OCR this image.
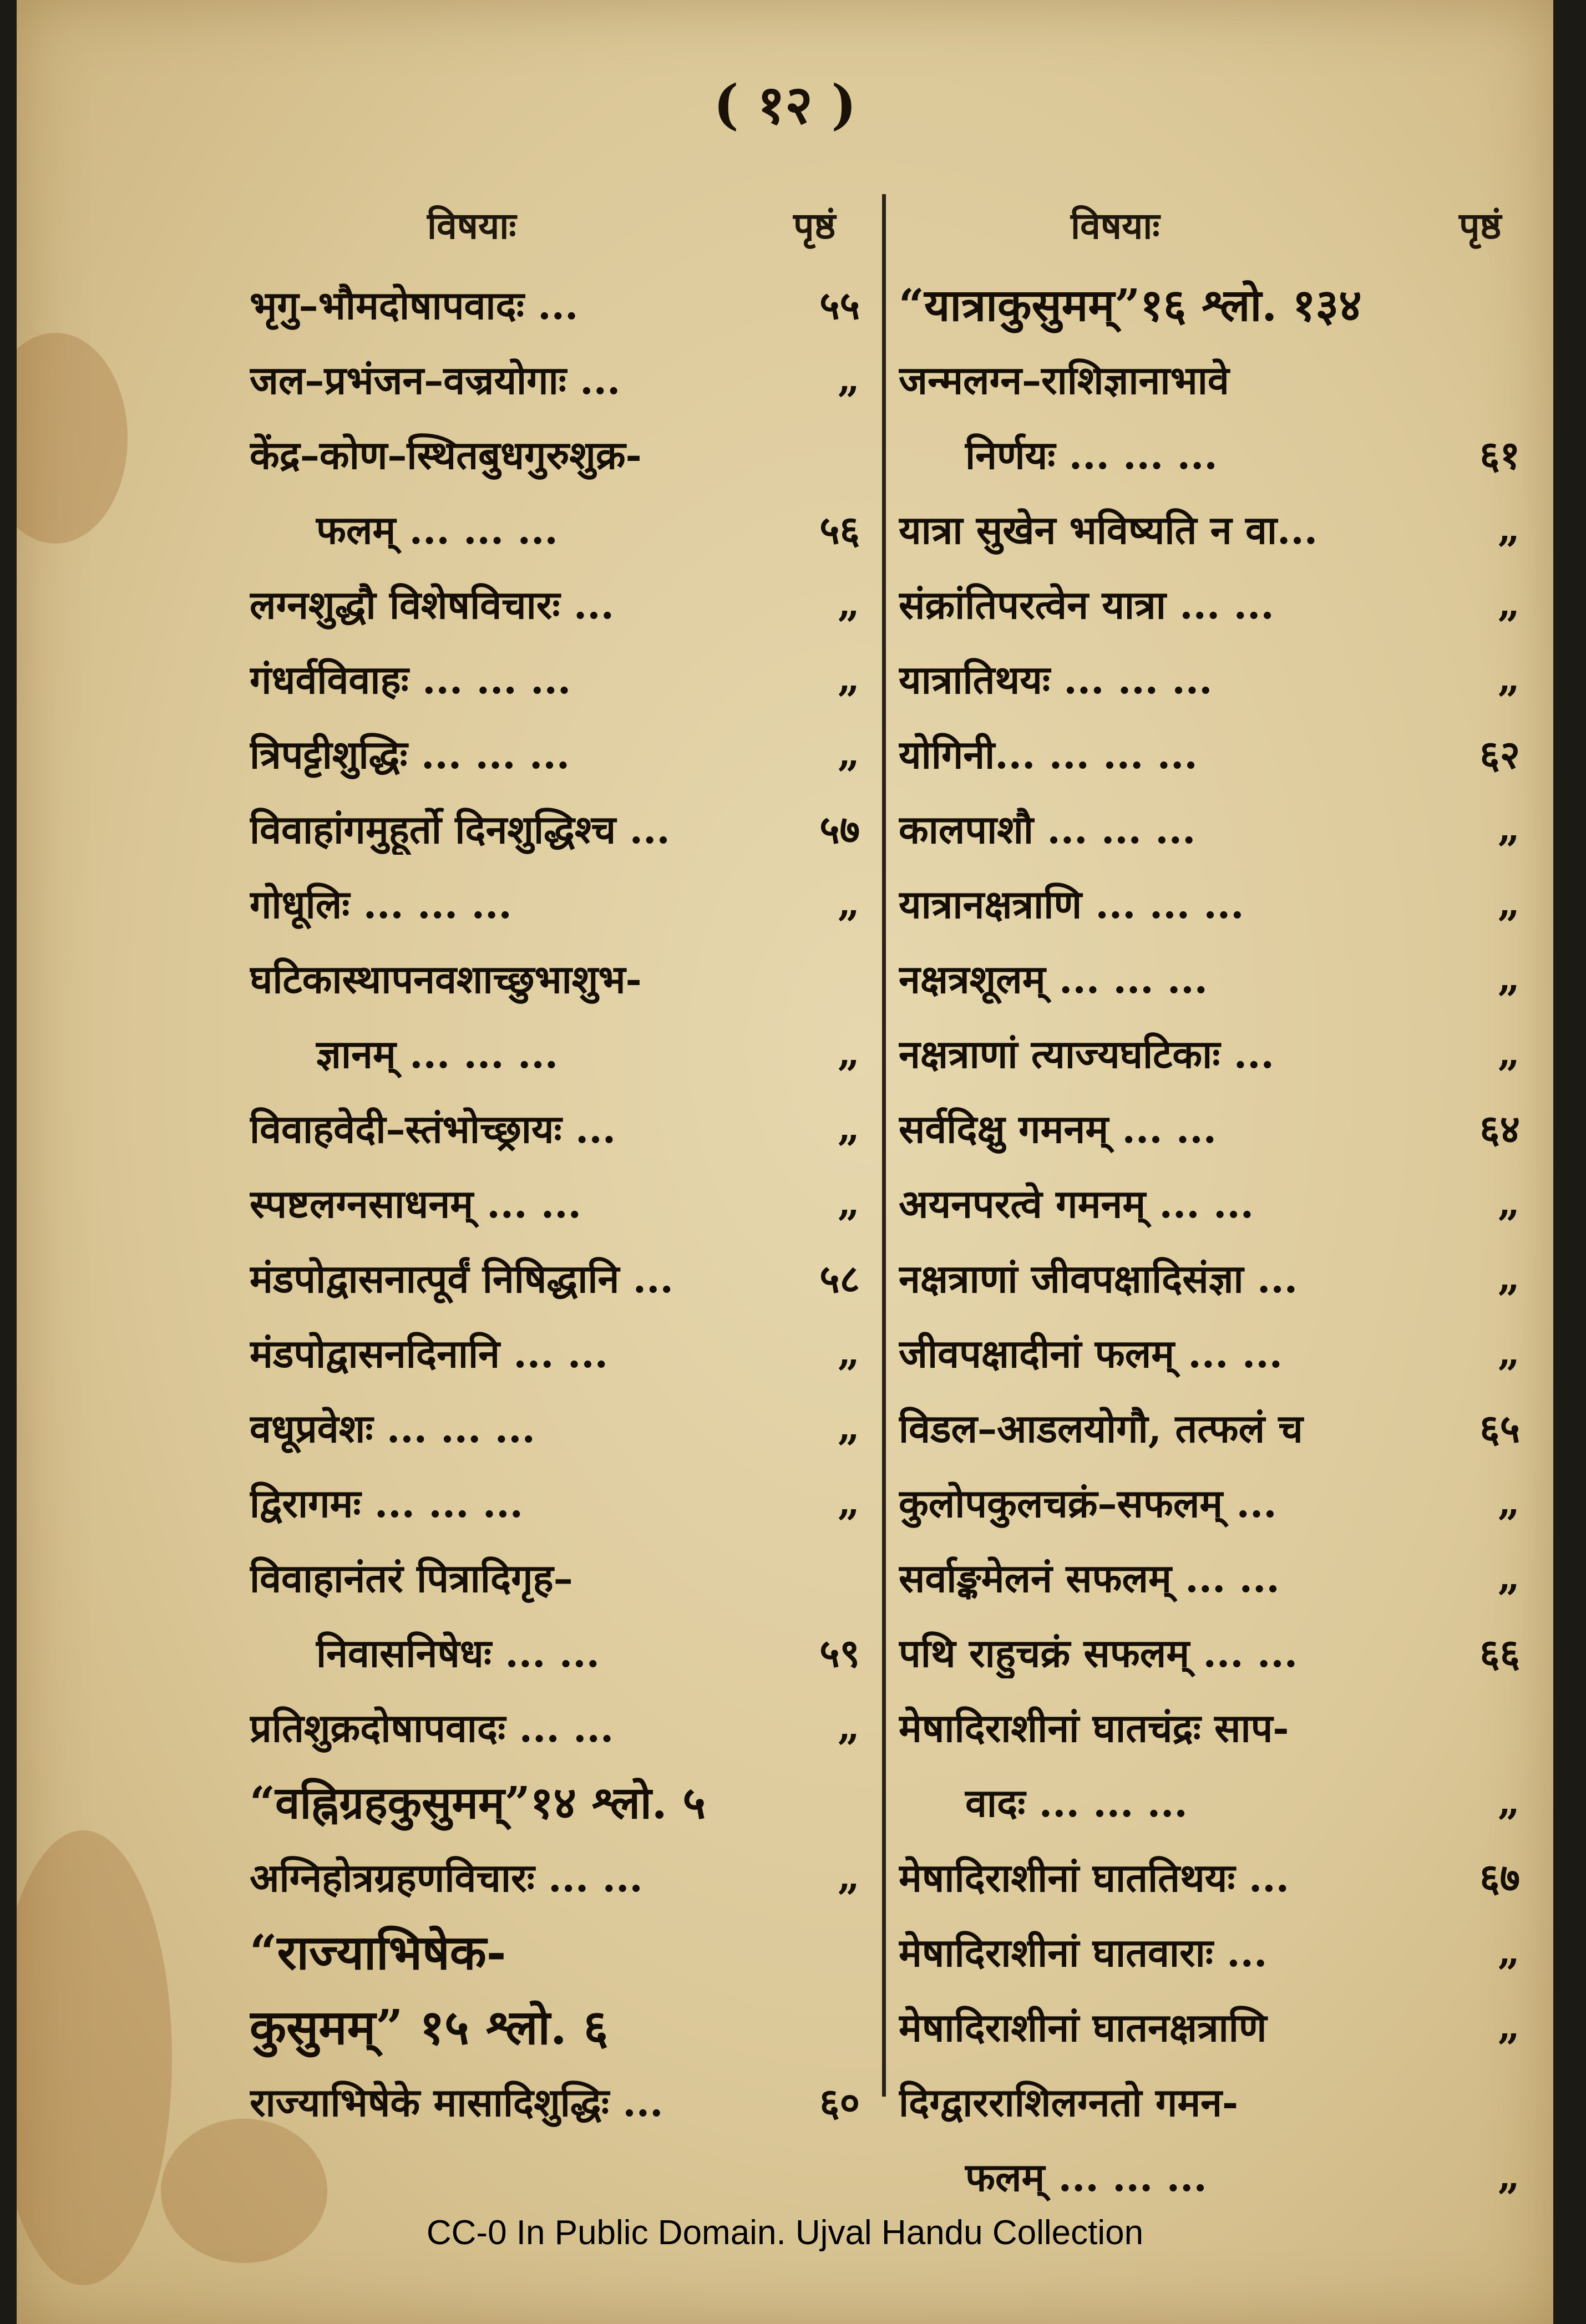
( १२ )
विषयाः	पृष्ठं	विषयाः	पृष्ठं
भृगु–भौमदोषापवादः ...	५५
जल–प्रभंजन–वज्रयोगाः ...	„
केंद्र–कोण–स्थितबुधगुरुशुक्र-
फलम् ... ... ...	५६
लग्नशुद्धौ विशेषविचारः ...	„
गंधर्वविवाहः ... ... ...	„
त्रिपट्टीशुद्धिः ... ... ...	„
विवाहांगमुहूर्तो दिनशुद्धिश्च ...	५७
गोधूलिः ... ... ...	„
घटिकास्थापनवशाच्छुभाशुभ-
ज्ञानम् ... ... ...	„
विवाहवेदी–स्तंभोच्छ्रायः ...	„
स्पष्टलग्नसाधनम् ... ...	„
मंडपोद्वासनात्पूर्वं निषिद्धानि ...	५८
मंडपोद्वासनदिनानि ... ...	„
वधूप्रवेशः ... ... ...	„
द्विरागमः ... ... ...	„
विवाहानंतरं पित्रादिगृह–
निवासनिषेधः ... ...	५९
प्रतिशुक्रदोषापवादः ... ...	„
“वह्निग्रहकुसुमम्”१४ श्लो. ५
अग्निहोत्रग्रहणविचारः ... ...	„
“राज्याभिषेक-
कुसुमम्” १५ श्लो. ६
राज्याभिषेके मासादिशुद्धिः ...	६०
“यात्राकुसुमम्”१६ श्लो. १३४
जन्मलग्न–राशिज्ञानाभावे
निर्णयः ... ... ...	६१
यात्रा सुखेन भविष्यति न वा...	„
संक्रांतिपरत्वेन यात्रा ... ...	„
यात्रातिथयः ... ... ...	„
योगिनी... ... ... ...	६२
कालपाशौ ... ... ...	„
यात्रानक्षत्राणि ... ... ...	„
नक्षत्रशूलम् ... ... ...	„
नक्षत्राणां त्याज्यघटिकाः ...	„
सर्वदिक्षु गमनम् ... ...	६४
अयनपरत्वे गमनम् ... ...	„
नक्षत्राणां जीवपक्षादिसंज्ञा ...	„
जीवपक्षादीनां फलम् ... ...	„
विडल–आडलयोगौ, तत्फलं च	६५
कुलोपकुलचक्रं–सफलम् ...	„
सर्वाङ्कमेलनं सफलम् ... ...	„
पथि राहुचक्रं सफलम् ... ...	६६
मेषादिराशीनां घातचंद्रः साप-
वादः ... ... ...	„
मेषादिराशीनां घाततिथयः ...	६७
मेषादिराशीनां घातवाराः ...	„
मेषादिराशीनां घातनक्षत्राणि	„
दिग्द्वारराशिलग्नतो गमन-
फलम् ... ... ...	„
CC-0 In Public Domain. Ujval Handu Collection
